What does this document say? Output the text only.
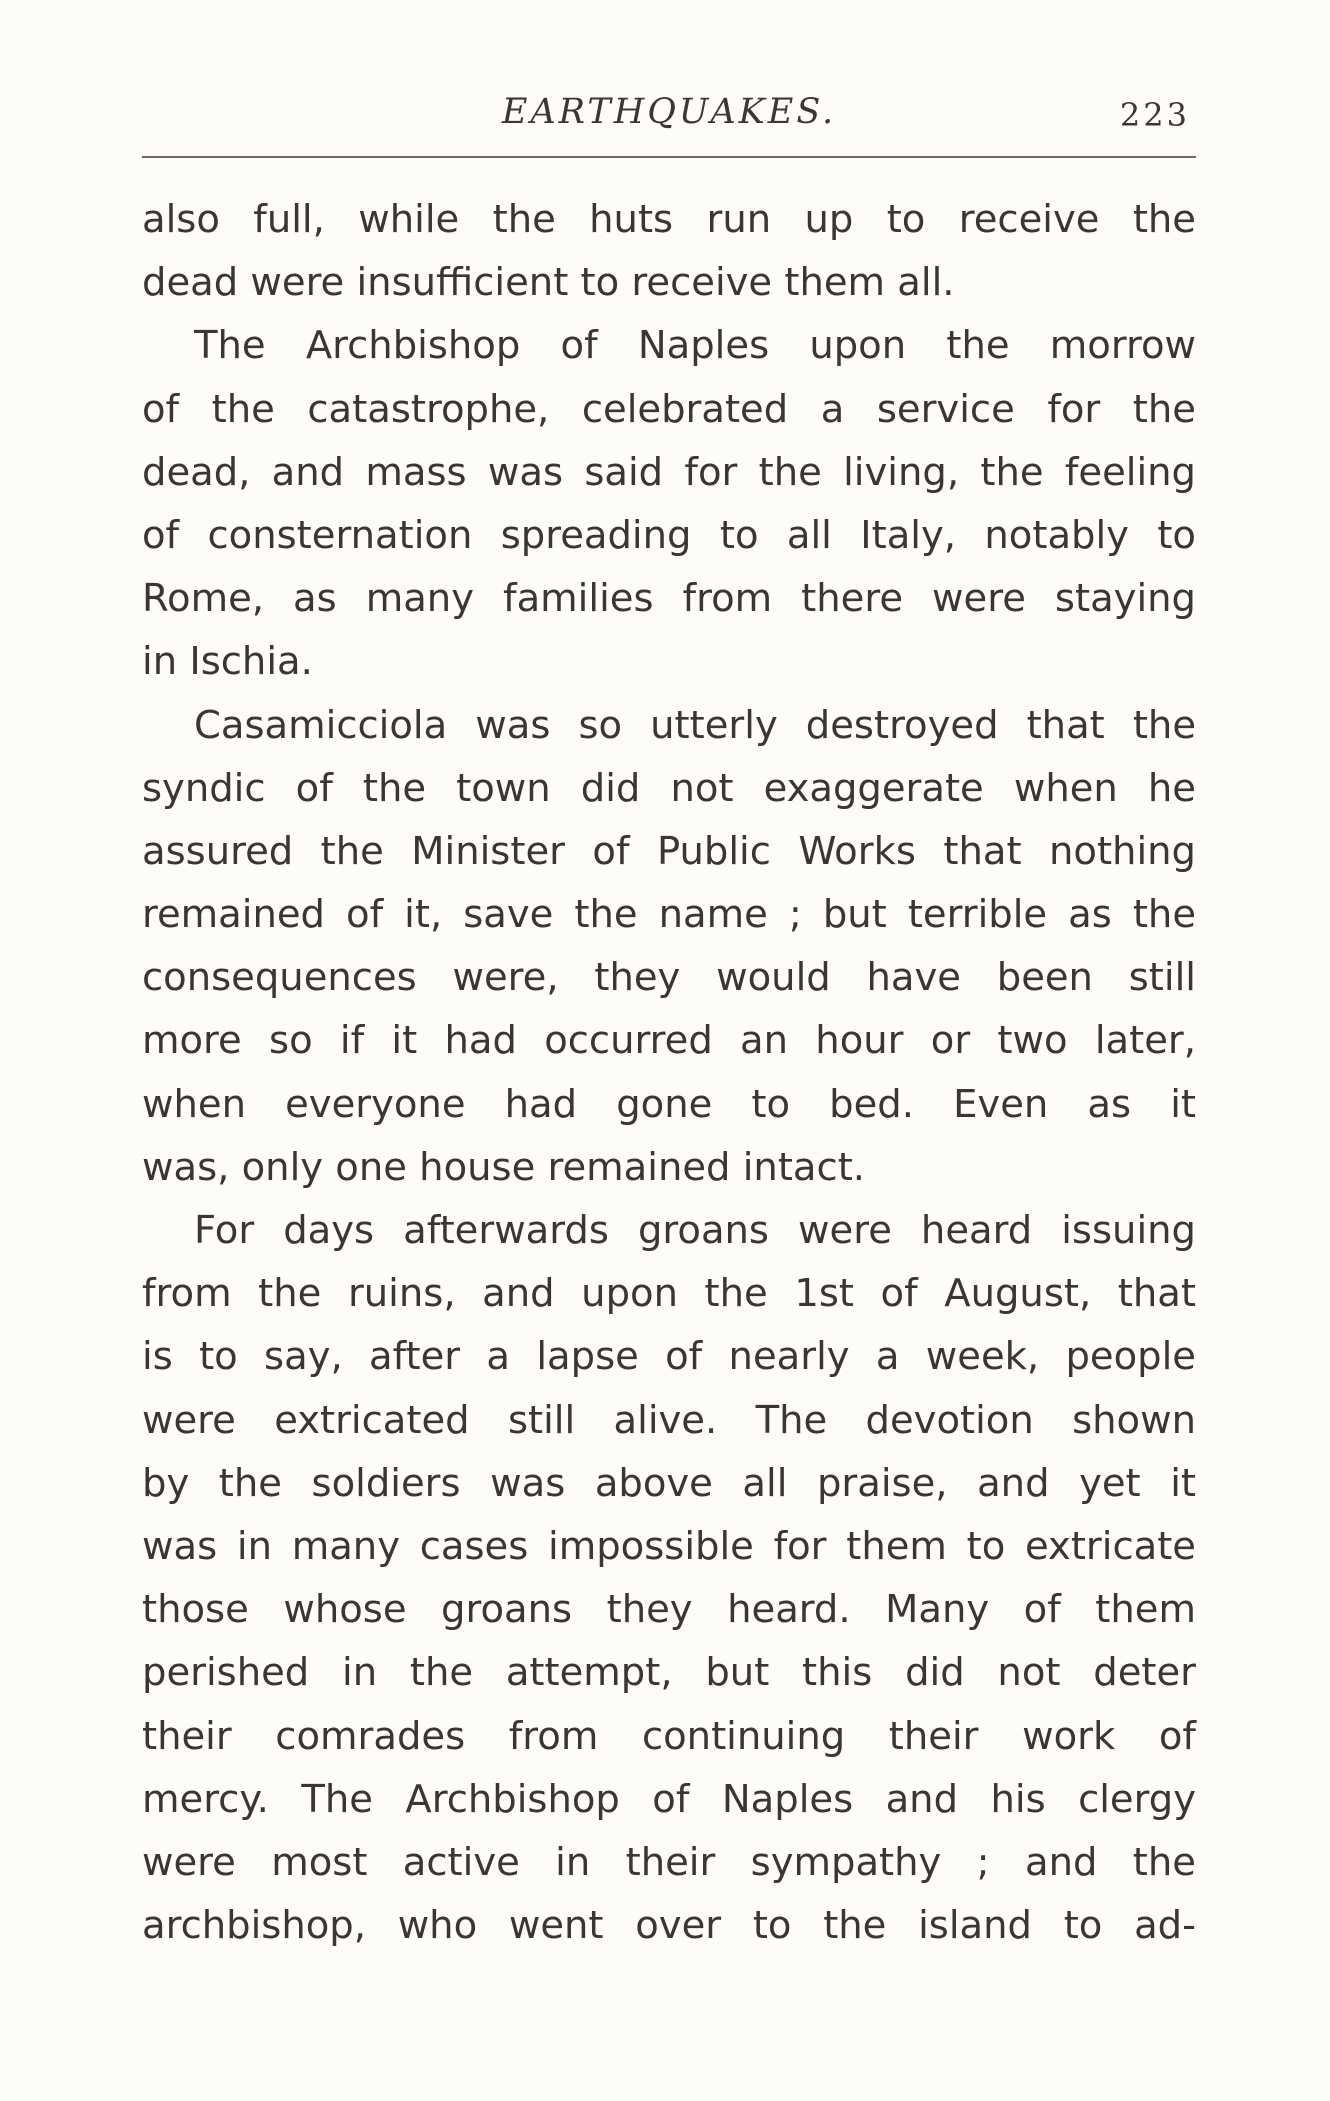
EARTHQUAKES.	223
also full, while the huts run up to receive the
dead were insufficient to receive them all.
The Archbishop of Naples upon the morrow
of the catastrophe, celebrated a service for the
dead, and mass was said for the living, the feeling
of consternation spreading to all Italy, notably to
Rome, as many families from there were staying
in Ischia.
Casamicciola was so utterly destroyed that the
syndic of the town did not exaggerate when he
assured the Minister of Public Works that nothing
remained of it, save the name ; but terrible as the
consequences were, they would have been still
more so if it had occurred an hour or two later,
when everyone had gone to bed. Even as it
was, only one house remained intact.
For days afterwards groans were heard issuing
from the ruins, and upon the 1st of August, that
is to say, after a lapse of nearly a week, people
were extricated still alive. The devotion shown
by the soldiers was above all praise, and yet it
was in many cases impossible for them to extricate
those whose groans they heard. Many of them
perished in the attempt, but this did not deter
their comrades from continuing their work of
mercy. The Archbishop of Naples and his clergy
were most active in their sympathy ; and the
archbishop, who went over to the island to ad-
